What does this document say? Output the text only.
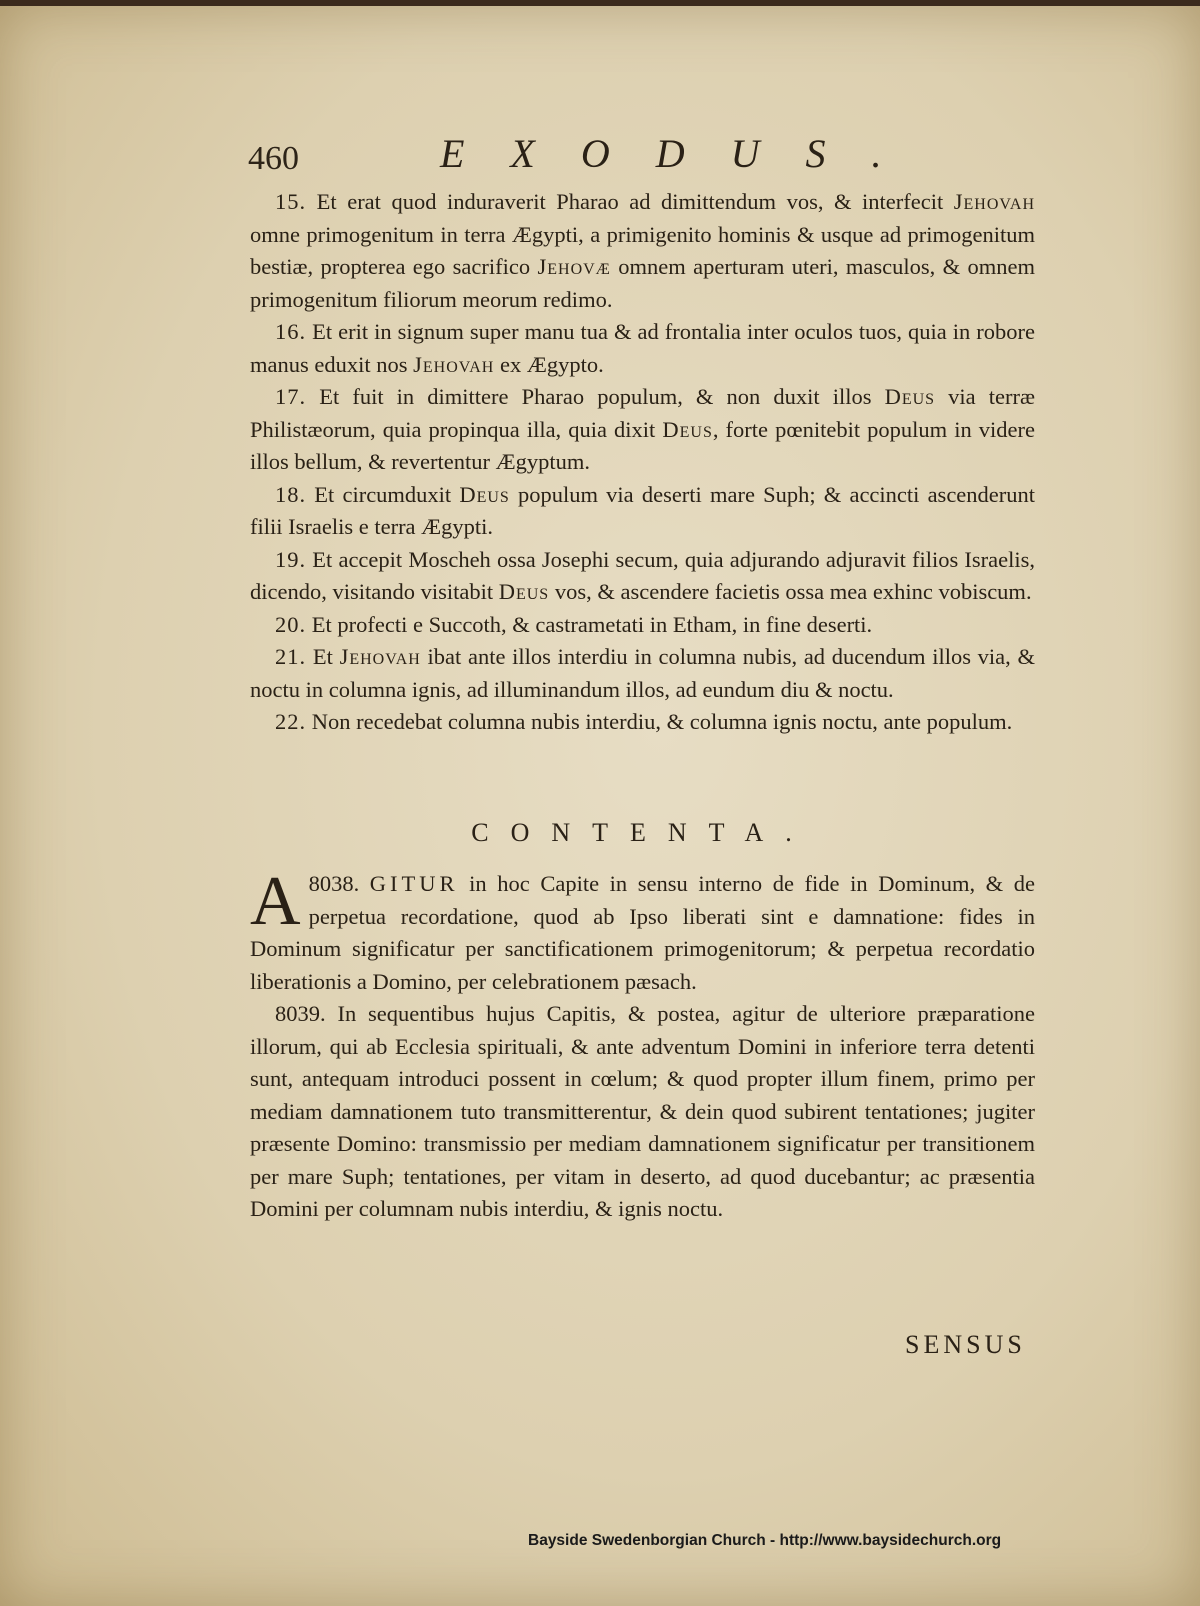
460	EXODUS.

15. Et erat quod induraverit Pharao ad dimittendum vos, & interfecit Jehovah omne primogenitum in terra Ægypti, a primigenito hominis & usque ad primogenitum bestiæ, propterea ego sacrifico Jehovæ omnem aperturam uteri, masculos, & omnem primogenitum filiorum meorum redimo.

16. Et erit in signum super manu tua & ad frontalia inter oculos tuos, quia in robore manus eduxit nos Jehovah ex Ægypto.

17. Et fuit in dimittere Pharao populum, & non duxit illos Deus via terræ Philistæorum, quia propinqua illa, quia dixit Deus, forte pœnitebit populum in videre illos bellum, & revertentur Ægyptum.

18. Et circumduxit Deus populum via deserti mare Suph; & accincti ascenderunt filii Israelis e terra Ægypti.

19. Et accepit Moscheh ossa Josephi secum, quia adjurando adjuravit filios Israelis, dicendo, visitando visitabit Deus vos, & ascendere facietis ossa mea exhinc vobiscum.

20. Et profecti e Succoth, & castrametati in Etham, in fine deserti.

21. Et Jehovah ibat ante illos interdiu in columna nubis, ad ducendum illos via, & noctu in columna ignis, ad illuminandum illos, ad eundum diu & noctu.

22. Non recedebat columna nubis interdiu, & columna ignis noctu, ante populum.

CONTENTA.

8038.
A	GITUR in hoc Capite in sensu interno de fide in Dominum, & de perpetua recordatione, quod ab Ipso liberati sint e damnatione: fides in Dominum significatur per sanctificationem primogenitorum; & perpetua recordatio liberationis a Domino, per celebrationem pæsach.

8039. In sequentibus hujus Capitis, & postea, agitur de ulteriore præparatione illorum, qui ab Ecclesia spirituali, & ante adventum Domini in inferiore terra detenti sunt, antequam introduci possent in cœlum; & quod propter illum finem, primo per mediam damnationem tuto transmitterentur, & dein quod subirent tentationes; jugiter præsente Domino: transmissio per mediam damnationem significatur per transitionem per mare Suph; tentationes, per vitam in deserto, ad quod ducebantur; ac præsentia Domini per columnam nubis interdiu, & ignis noctu.

SENSUS
Bayside Swedenborgian Church - http://www.baysidechurch.org
